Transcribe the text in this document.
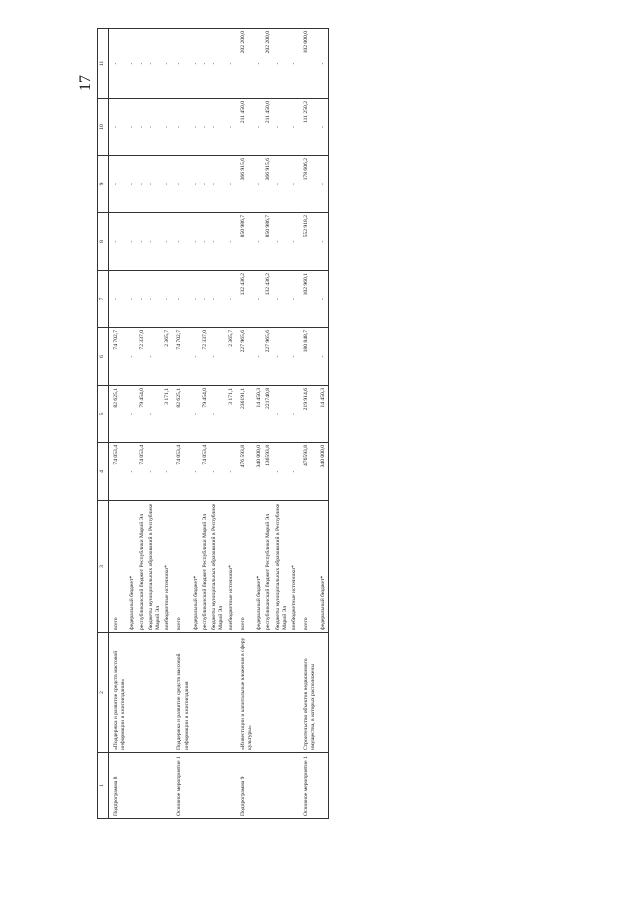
17
1	2	3	4	5	6	7	8	9	10	11
Подпрограмма 8	«Поддержка и развитие средств массовой информации и книгоиздания»	всего	74 053,4	82 625,1	74 702,7	-	-	-	-	-
		федеральный бюджет*	-	-	-	-	-	-	-	-
		республиканский бюджет Республики Марий Эл	74 053,4	79 454,0	72 337,0	-	-	-	-	-
		бюджеты муниципальных образований в Республике Марий Эл	-	-	-	-	-	-	-	-
		внебюджетные источники*	-	3 171,1	2 365,7	-	-	-	-	-
Основное мероприятие 1	Поддержка и развитие средств массовой информации и книгоиздания	всего	74 053,4	82 625,1	74 702,7	-	-	-	-	-
		федеральный бюджет*	-	-	-	-	-	-	-	-
		республиканский бюджет Республики Марий Эл	74 053,4	79 454,0	72 337,0	-	-	-	-	-
		бюджеты муниципальных образований в Республике Марий Эл	-	-	-	-	-	-	-	-
		внебюджетные источники*	-	3 171,1	2 365,7	-	-	-	-	-
Подпрограмма 9	«Инвестиции и капитальные вложения в сферу культуры»	всего	476 593,8	236191,1	227 965,6	132 436,2	850 986,7	366 915,6	211 450,0	202 200,0
		федеральный бюджет*	340 000,0	14 450,3	-	-	-	-	-	-
		республиканский бюджет Республики Марий Эл	136593,8	221740,8	227 965,6	132 436,2	850 986,7	366 915,6	211 450,0	202 200,0
		бюджеты муниципальных образований в Республике Марий Эл	-	-	-	-	-	-	-	-
		внебюджетные источники*	-	-	-	-	-	-	-	-
Основное мероприятие 1	Строительство объектов недвижимого имущества, в которых расположены	всего	476593,8	219 914,6	180 848,7	102 960,1	552 918,2	178 606,2	111 250,2	102 000,0
		федеральный бюджет*	340 000,0	14 450,3	-	-	-	-	-	-
